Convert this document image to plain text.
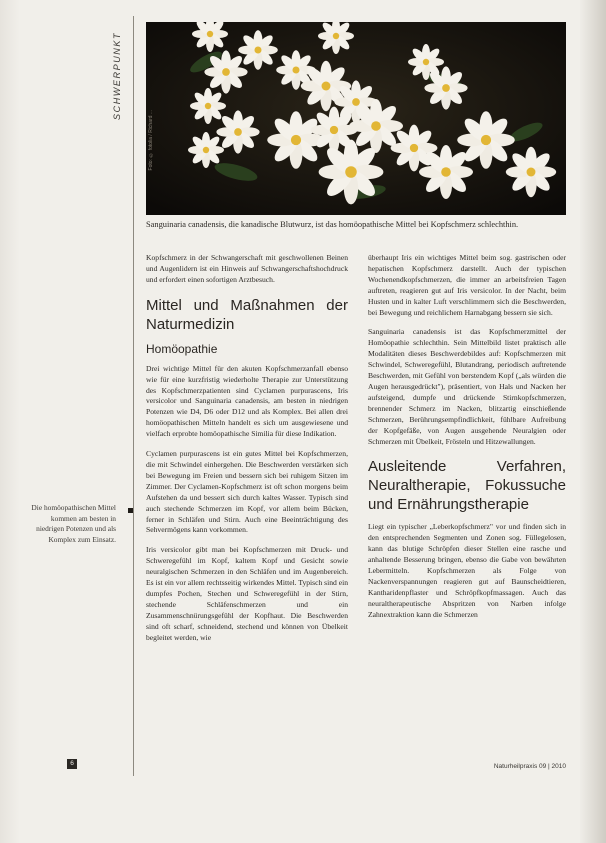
SCHWERPUNKT
Foto: © fotolia / Richard ...
Sanguinaria canadensis, die kanadische Blutwurz, ist das homöopathische Mittel bei Kopfschmerz schlechthin.

Kopfschmerz in der Schwangerschaft mit geschwollenen Beinen und Augenlidern ist ein Hinweis auf Schwangerschaftshochdruck und erfordert einen sofortigen Arztbesuch.

Mittel und Maßnahmen der Naturmedizin
Homöopathie

Drei wichtige Mittel für den akuten Kopfschmerzanfall ebenso wie für eine kurzfristig wiederholte Therapie zur Unterstützung des Kopfschmerzpatienten sind Cyclamen purpurascens, Iris versicolor und Sanguinaria canadensis, am besten in niedrigen Potenzen wie D4, D6 oder D12 und als Komplex. Bei allen drei homöopathischen Mitteln handelt es sich um ausgewiesene und vielfach erprobte homöopathische Similia für diese Indikation.

Cyclamen purpurascens ist ein gutes Mittel bei Kopfschmerzen, die mit Schwindel einhergehen. Die Beschwerden verstärken sich bei Bewegung im Freien und bessern sich bei ruhigem Sitzen im Zimmer. Der Cyclamen-Kopfschmerz ist oft schon morgens beim Aufstehen da und bessert sich durch kaltes Wasser. Typisch sind auch stechende Schmerzen im Kopf, vor allem beim Bücken, ferner in Schläfen und Stirn. Auch eine Beeinträchtigung des Sehvermögens kann vorkommen.

Iris versicolor gibt man bei Kopfschmerzen mit Druck- und Schweregefühl im Kopf, kaltem Kopf und Gesicht sowie neuralgischen Schmerzen in den Schläfen und im Augenbereich. Es ist ein vor allem rechtsseitig wirkendes Mittel. Typisch sind ein dumpfes Pochen, Stechen und Schweregefühl in der Stirn, stechende Schläfenschmerzen und ein Zusammenschnürungsgefühl der Kopfhaut. Die Beschwerden sind oft scharf, schneidend, stechend und können von Übelkeit begleitet werden, wie

überhaupt Iris ein wichtiges Mittel beim sog. gastrischen oder hepatischen Kopfschmerz darstellt. Auch der typischen Wochenendkopfschmerzen, die immer an arbeitsfreien Tagen auftreten, reagieren gut auf Iris versicolor. In der Nacht, beim Husten und in kalter Luft verschlimmern sich die Beschwerden, bei Bewegung und reichlichem Harnabgang bessern sie sich.

Sanguinaria canadensis ist das Kopfschmerzmittel der Homöopathie schlechthin. Sein Mittelbild listet praktisch alle Modalitäten dieses Beschwerdebildes auf: Kopfschmerzen mit Schwindel, Schweregefühl, Blutandrang, periodisch auftretende Beschwerden, mit Gefühl von berstendem Kopf („als würden die Augen herausgedrückt"), präsentiert, von Hals und Nacken her aufsteigend, dumpfe und drückende Stirnkopfschmerzen, brennender Schmerz im Nacken, blitzartig einschießende Schmerzen, Berührungsempfindlichkeit, fühlbare Aufreibung der Kopfgefäße, von Augen ausgehende Neuralgien oder Schmerzen mit Übelkeit, Frösteln und Hitzewallungen.

Ausleitende Verfahren, Neuraltherapie, Fokussuche und Ernährungstherapie

Liegt ein typischer „Leberkopfschmerz" vor und finden sich in den entsprechenden Segmenten und Zonen sog. Füllegelosen, kann das blutige Schröpfen dieser Stellen eine rasche und anhaltende Besserung bringen, ebenso die Gabe von bewährten Lebermitteln. Kopfschmerzen als Folge von Nackenverspannungen reagieren gut auf Baunscheidtieren, Kantharidenpflaster und Schröpfkopfmassagen. Auch das neuraltherapeutische Abspritzen von Narben infolge Zahnextraktion kann die Schmerzen

Die homöopathischen Mittel kommen am besten in niedrigen Potenzen und als Komplex zum Einsatz.
6	Naturheilpraxis 09 | 2010
